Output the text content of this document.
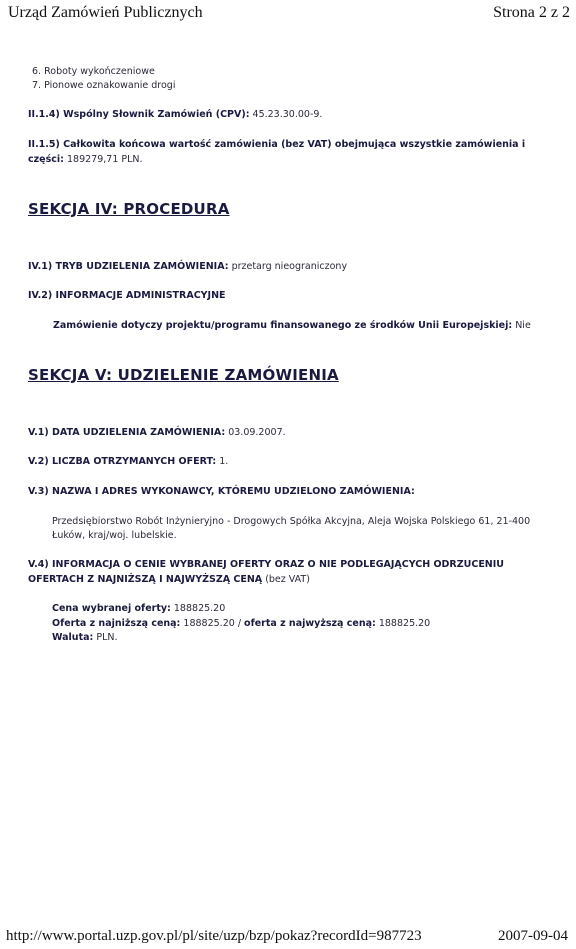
Urząd Zamówień Publicznych	Strona 2 z 2
6. Roboty wykończeniowe
7. Pionowe oznakowanie drogi
II.1.4) Wspólny Słownik Zamówień (CPV): 45.23.30.00-9.
II.1.5) Całkowita końcowa wartość zamówienia (bez VAT) obejmująca wszystkie zamówienia i
części: 189279,71 PLN.
SEKCJA IV: PROCEDURA
IV.1) TRYB UDZIELENIA ZAMÓWIENIA: przetarg nieograniczony
IV.2) INFORMACJE ADMINISTRACYJNE
Zamówienie dotyczy projektu/programu finansowanego ze środków Unii Europejskiej: Nie
SEKCJA V: UDZIELENIE ZAMÓWIENIA
V.1) DATA UDZIELENIA ZAMÓWIENIA: 03.09.2007.
V.2) LICZBA OTRZYMANYCH OFERT: 1.
V.3) NAZWA I ADRES WYKONAWCY, KTÓREMU UDZIELONO ZAMÓWIENIA:
Przedsiębiorstwo Robót Inżynieryjno - Drogowych Spółka Akcyjna, Aleja Wojska Polskiego 61, 21-400
Łuków, kraj/woj. lubelskie.
V.4) INFORMACJA O CENIE WYBRANEJ OFERTY ORAZ O NIE PODLEGAJĄCYCH ODRZUCENIU
OFERTACH Z NAJNIŻSZĄ I NAJWYŻSZĄ CENĄ (bez VAT)
Cena wybranej oferty: 188825.20
Oferta z najniższą ceną: 188825.20 / oferta z najwyższą ceną: 188825.20
Waluta: PLN.
http://www.portal.uzp.gov.pl/pl/site/uzp/bzp/pokaz?recordId=987723	2007-09-04
